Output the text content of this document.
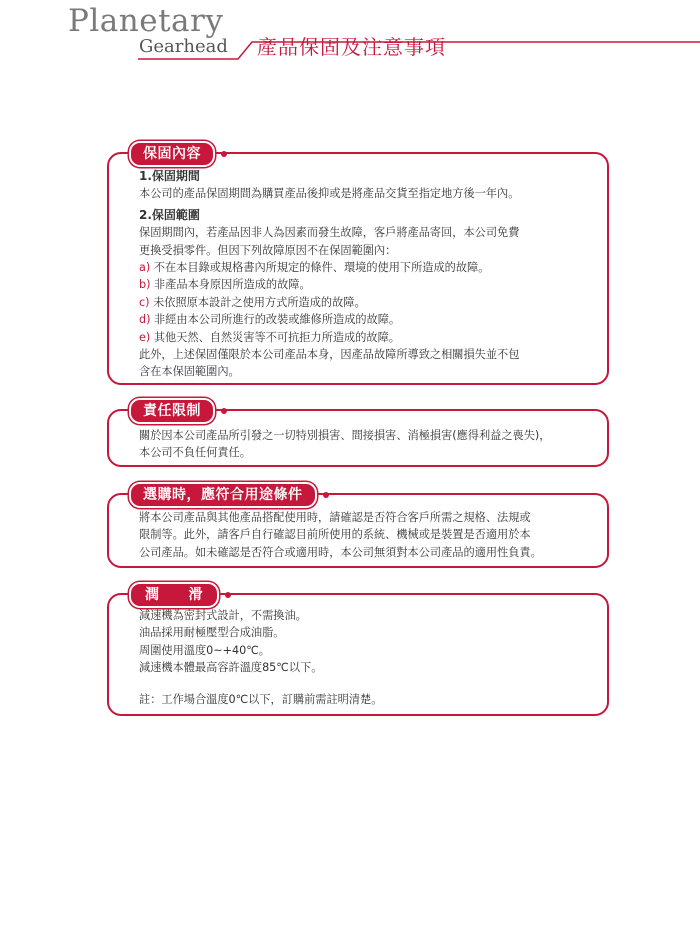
Planetary
Gearhead 產品保固及注意事項
保固內容
1.保固期間
本公司的產品保固期間為購買產品後抑或是將產品交貨至指定地方後一年內。
2.保固範圍
保固期間內，若產品因非人為因素而發生故障，客戶將產品寄回，本公司免費
更換受損零件。但因下列故障原因不在保固範圍內：
a) 不在本目錄或規格書內所規定的條件、環境的使用下所造成的故障。
b) 非產品本身原因所造成的故障。
c) 未依照原本設計之使用方式所造成的故障。
d) 非經由本公司所進行的改裝或維修所造成的故障。
e) 其他天然、自然災害等不可抗拒力所造成的故障。
此外，上述保固僅限於本公司產品本身，因產品故障所導致之相關損失並不包
含在本保固範圍內。
責任限制
關於因本公司產品所引發之一切特別損害、間接損害、消極損害(應得利益之喪失)，
本公司不負任何責任。
選購時，應符合用途條件
將本公司產品與其他產品搭配使用時，請確認是否符合客戶所需之規格、法規或
限制等。此外，請客戶自行確認目前所使用的系統、機械或是裝置是否適用於本
公司產品。如未確認是否符合或適用時，本公司無須對本公司產品的適用性負責。
潤　　滑
減速機為密封式設計，不需換油。
油品採用耐極壓型合成油脂。
周圍使用溫度0~+40℃。
減速機本體最高容許溫度85℃以下。
註：工作場合溫度0℃以下，訂購前需註明清楚。
